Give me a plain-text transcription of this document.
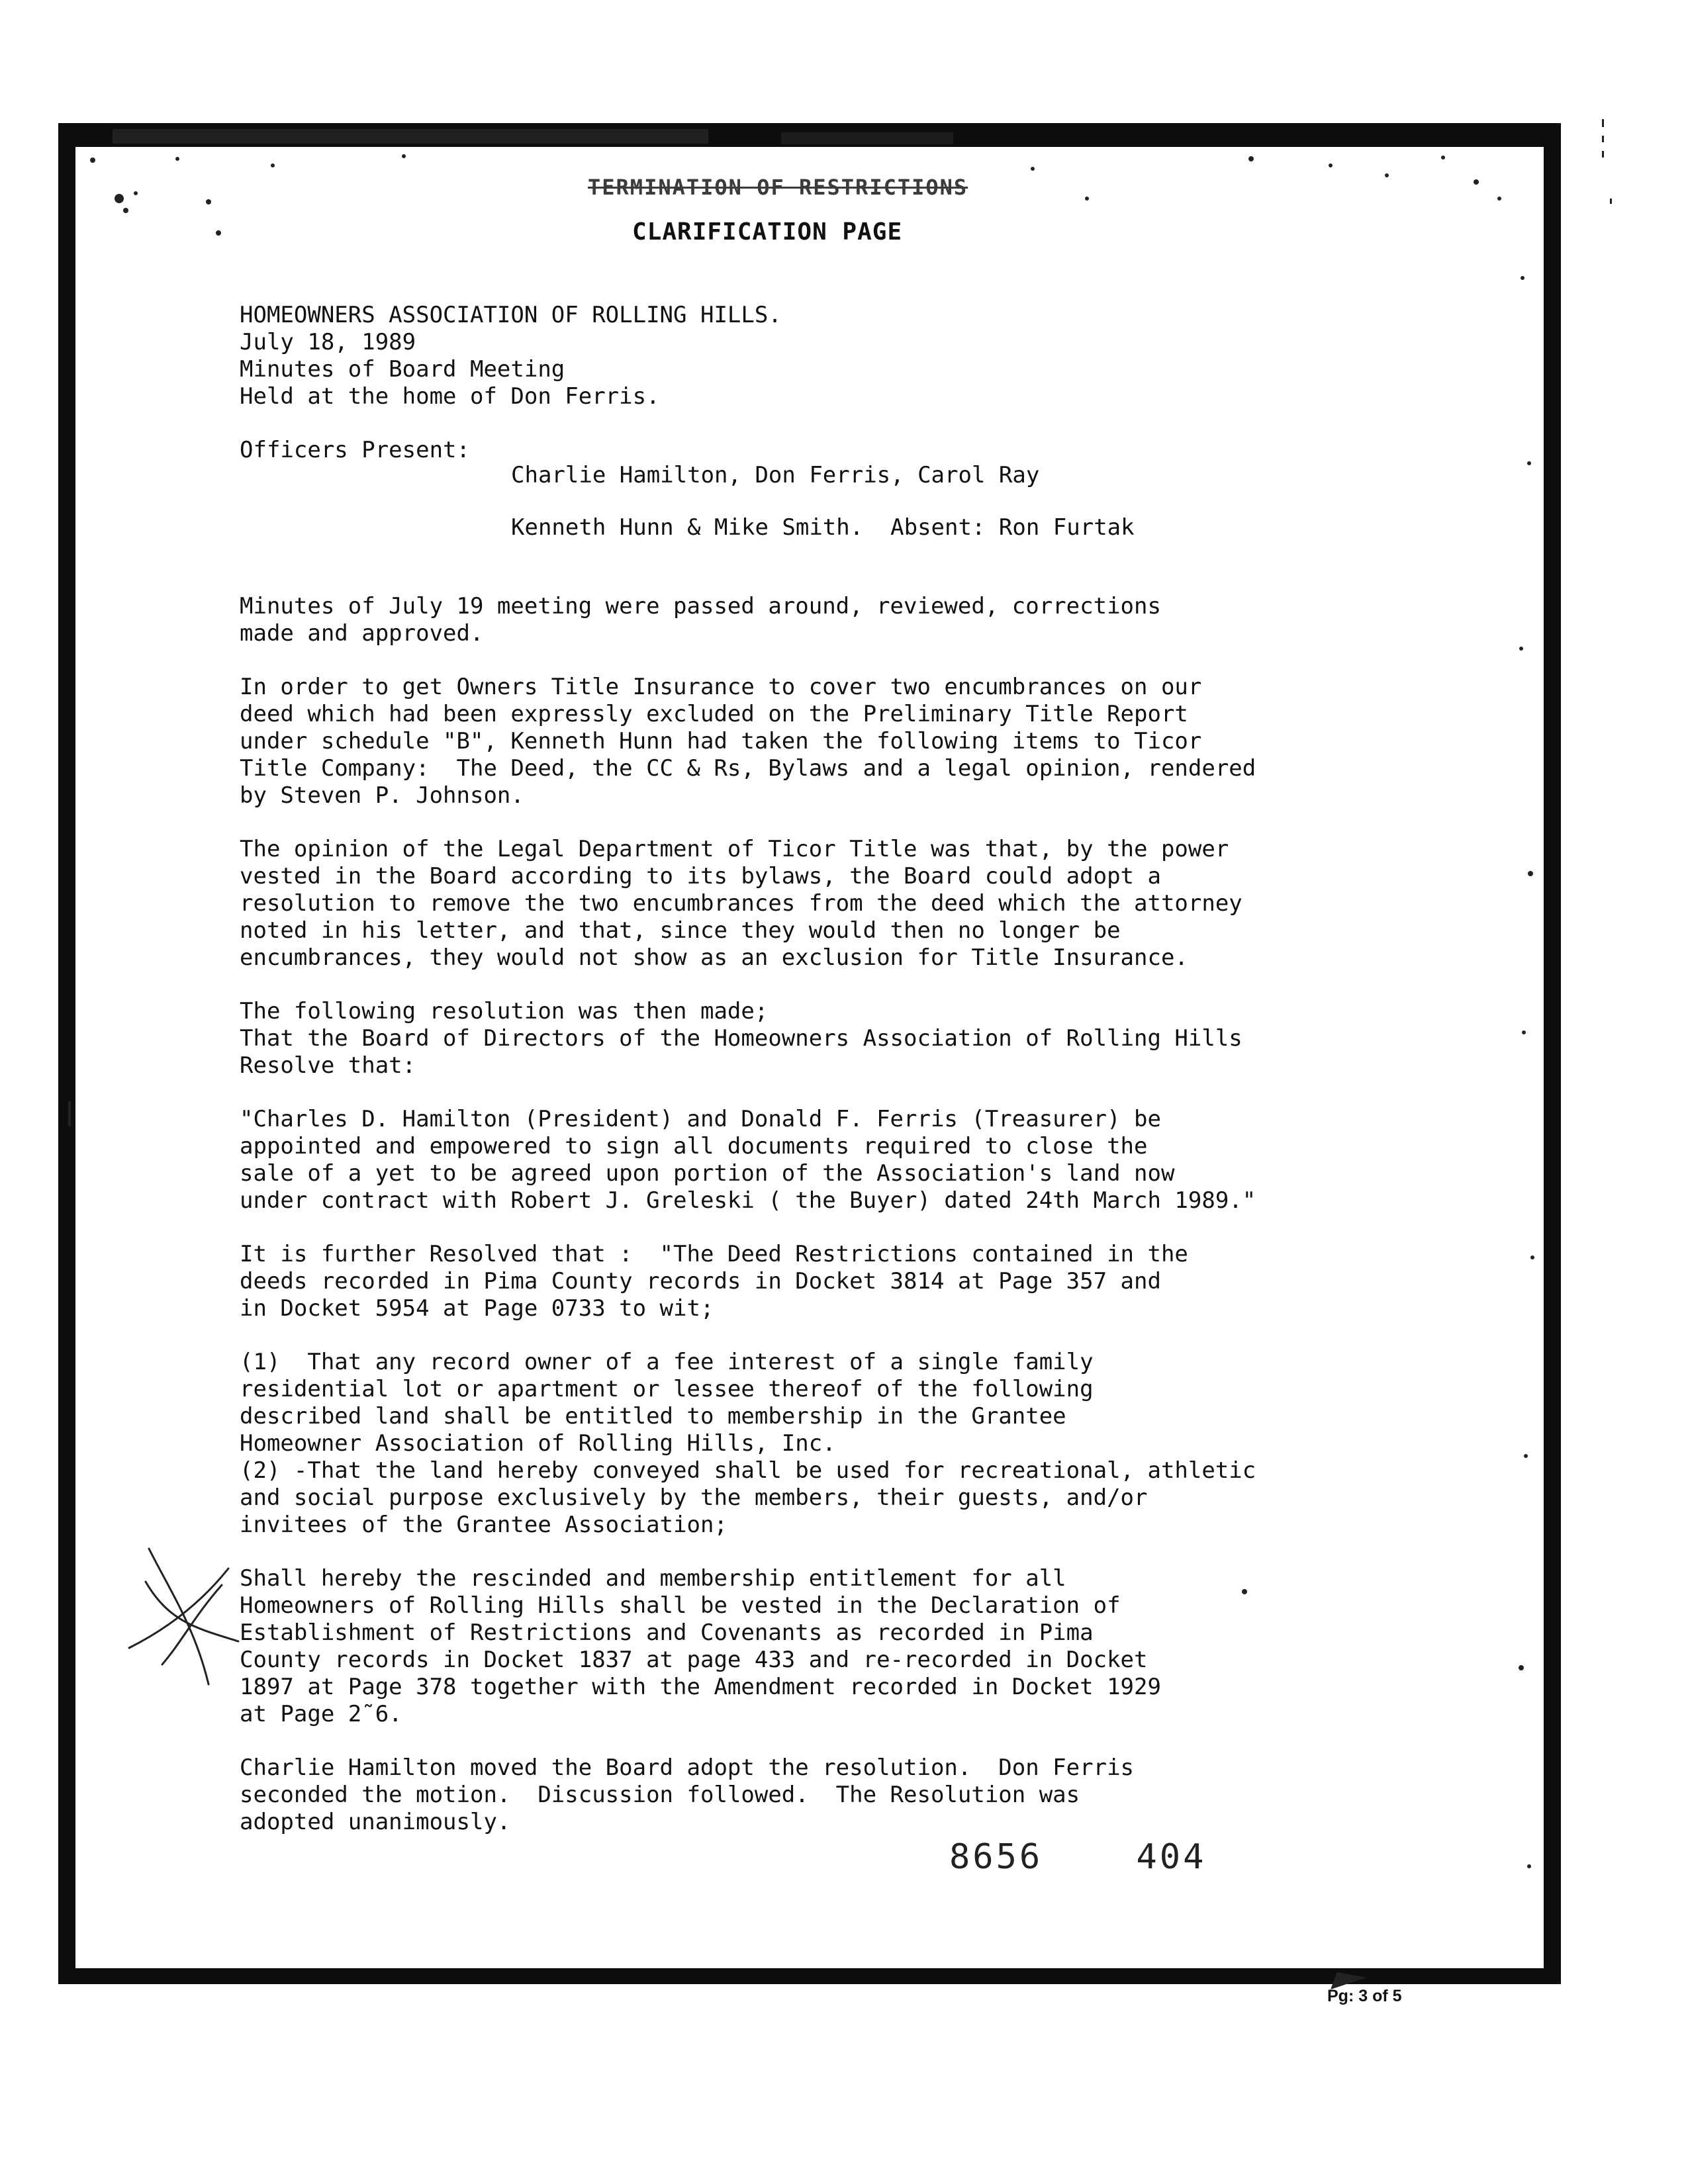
TERMINATION OF RESTRICTIONS
CLARIFICATION PAGE

HOMEOWNERS ASSOCIATION OF ROLLING HILLS.

July 18, 1989

Minutes of Board Meeting

Held at the home of Don Ferris.

Officers Present:

Charlie Hamilton, Don Ferris, Carol Ray

Kenneth Hunn & Mike Smith.  Absent: Ron Furtak

Minutes of July 19 meeting were passed around, reviewed, corrections

made and approved.

In order to get Owners Title Insurance to cover two encumbrances on our

deed which had been expressly excluded on the Preliminary Title Report

under schedule "B", Kenneth Hunn had taken the following items to Ticor

Title Company:  The Deed, the CC & Rs, Bylaws and a legal opinion, rendered

by Steven P. Johnson.

The opinion of the Legal Department of Ticor Title was that, by the power

vested in the Board according to its bylaws, the Board could adopt a

resolution to remove the two encumbrances from the deed which the attorney

noted in his letter, and that, since they would then no longer be

encumbrances, they would not show as an exclusion for Title Insurance.

The following resolution was then made;

That the Board of Directors of the Homeowners Association of Rolling Hills

Resolve that:

"Charles D. Hamilton (President) and Donald F. Ferris (Treasurer) be

appointed and empowered to sign all documents required to close the

sale of a yet to be agreed upon portion of the Association's land now

under contract with Robert J. Greleski ( the Buyer) dated 24th March 1989."

It is further Resolved that :  "The Deed Restrictions contained in the

deeds recorded in Pima County records in Docket 3814 at Page 357 and

in Docket 5954 at Page 0733 to wit;

(1)  That any record owner of a fee interest of a single family

residential lot or apartment or lessee thereof of the following

described land shall be entitled to membership in the Grantee

Homeowner Association of Rolling Hills, Inc.

(2) -That the land hereby conveyed shall be used for recreational, athletic

and social purpose exclusively by the members, their guests, and/or

invitees of the Grantee Association;

Shall hereby the rescinded and membership entitlement for all

Homeowners of Rolling Hills shall be vested in the Declaration of

Establishment of Restrictions and Covenants as recorded in Pima

County records in Docket 1837 at page 433 and re-recorded in Docket

1897 at Page 378 together with the Amendment recorded in Docket 1929

at Page 2˜6.

Charlie Hamilton moved the Board adopt the resolution.  Don Ferris

seconded the motion.  Discussion followed.  The Resolution was

adopted unanimously.

8656	404
Pg: 3 of 5
